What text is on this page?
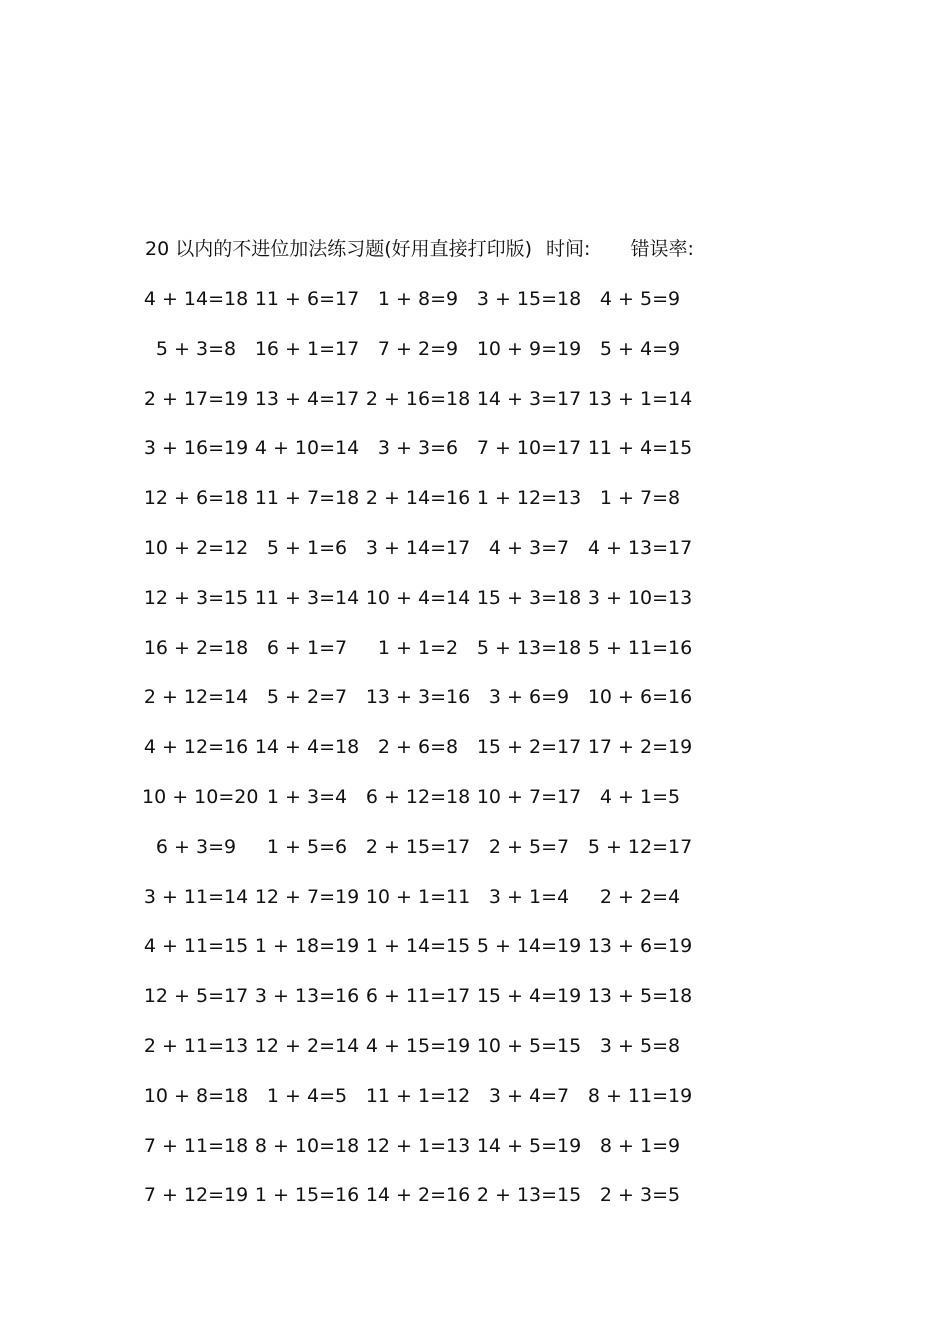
20 以内的不进位加法练习题(好用直接打印版) 时间: 错误率:
4 + 14=18 11 + 6=17 1 + 8=9 3 + 15=18 4 + 5=9
5 + 3=8 16 + 1=17 7 + 2=9 10 + 9=19 5 + 4=9
2 + 17=19 13 + 4=17 2 + 16=18 14 + 3=17 13 + 1=14
3 + 16=19 4 + 10=14 3 + 3=6 7 + 10=17 11 + 4=15
12 + 6=18 11 + 7=18 2 + 14=16 1 + 12=13 1 + 7=8
10 + 2=12 5 + 1=6 3 + 14=17 4 + 3=7 4 + 13=17
12 + 3=15 11 + 3=14 10 + 4=14 15 + 3=18 3 + 10=13
16 + 2=18 6 + 1=7	1 + 1=2 5 + 13=18 5 + 11=16
2 + 12=14 5 + 2=7 13 + 3=16 3 + 6=9 10 + 6=16
4 + 12=16 14 + 4=18 2 + 6=8 15 + 2=17 17 + 2=19
10 + 10=20 1 + 3=4 6 + 12=18 10 + 7=17 4 + 1=5
6 + 3=9	1 + 5=6 2 + 15=17 2 + 5=7 5 + 12=17
3 + 11=14 12 + 7=19 10 + 1=11 3 + 1=4	2 + 2=4
4 + 11=15 1 + 18=19 1 + 14=15 5 + 14=19 13 + 6=19
12 + 5=17 3 + 13=16 6 + 11=17 15 + 4=19 13 + 5=18
2 + 11=13 12 + 2=14 4 + 15=19 10 + 5=15 3 + 5=8
10 + 8=18 1 + 4=5 11 + 1=12 3 + 4=7 8 + 11=19
7 + 11=18 8 + 10=18 12 + 1=13 14 + 5=19 8 + 1=9
7 + 12=19 1 + 15=16 14 + 2=16 2 + 13=15 2 + 3=5
